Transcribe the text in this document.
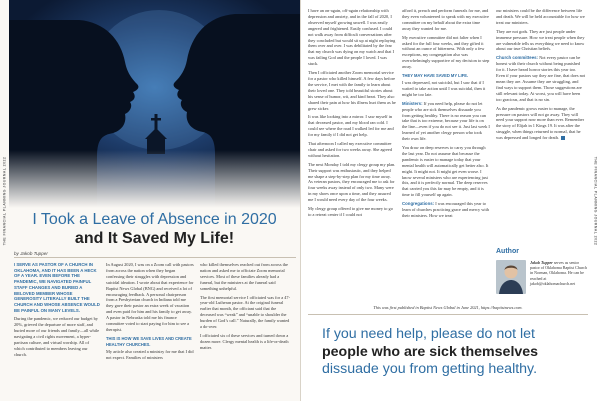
THE FINANCIAL PLANNING JOURNAL 2022	I Took a Leave of Absence in 2020
and It Saved My Life!
by Jakob Tupper

I SERVE AS PASTOR OF A CHURCH IN OKLAHOMA, AND IT HAS BEEN A HECK OF A YEAR. EVEN BEFORE THE PANDEMIC, WE NAVIGATED PAINFUL STAFF CHANGES AND BURIED A BELOVED MEMBER WHOSE GENEROSITY LITERALLY BUILT THE CHURCH AND WHOSE ABSENCE WOULD BE PAINFUL ON MANY LEVELS.

During the pandemic, we reduced our budget by 20%, grieved the departure of more staff, and buried more of our friends and family—all while navigating a civil rights movement, a hyper-partisan culture, and virtual worship. All of which contributed to members leaving our church.

In August 2020, I was on a Zoom call with pastors from across the nation when they began confessing their struggles with depression and suicidal ideation. I wrote about that experience for Baptist News Global (BNG) and received a lot of encouraging feedback. A personal chairperson from a Presbyterian church in Indiana told me they gave their pastor an extra week of vacation and even paid for him and his family to get away. A pastor in Nebraska told me his finance committee voted to start paying for him to see a therapist.

THIS IS HOW WE SAVE LIVES AND CREATE HEALTHY CHURCHES.

My article also created a ministry for me that I did not expect. Families of ministers

who killed themselves reached out from across the nation and asked me to officiate Zoom memorial services. Most of these families already had a funeral, but the ministers at the funeral said something unhelpful.

The first memorial service I officiated was for a 47-year-old Lutheran pastor. At the original funeral earlier that month, the officiant said that the deceased was “weak” and “unable to shoulder the burden of God’s call.” Naturally, the family wanted a do-over.

I officiated six of these services and turned down a dozen more. Clergy mental health is a life-or-death matter.

THE FINANCIAL PLANNING JOURNAL 2022

I have an on-again, off-again relationship with depression and anxiety, and in the fall of 2020, I observed myself growing unwell. I was easily angered and frightened. Easily confused. I could not walk away from difficult conversations after they concluded but would sit up at night replaying them over and over. I was debilitated by the fear that my church was dying on my watch and that I was failing God and the people I loved. I was stuck.

Then I officiated another Zoom memorial service for a pastor who killed himself. A few days before the service, I met with the family to learn about their loved one. They told beautiful stories about his sense of humor, wit, and kind heart. They also shared their pain at how his illness hurt them as he grew sicker.

It was like looking into a mirror. I saw myself in that deceased pastor, and my blood ran cold. I could see where the road I walked led for me and for my family if I did not get help.

That afternoon I called my executive committee chair and asked for two weeks away. She agreed without hesitation.

The next Monday I told my clergy group my plan. Their support was enthusiastic, and they helped me shape a step-by-step plan for my time away. As veteran pastors, they encouraged me to ask for four weeks away instead of only two. Many were in my shoes once upon a time, and they assured me I would need every day of the four weeks.

My clergy group offered to give me money to go to a retreat center if I could not

afford it, preach and perform funerals for me, and they even volunteered to speak with my executive committee on my behalf about the extra time away they wanted for me.

My executive committee did not falter when I asked for the full four weeks, and they gifted it without an ounce of bitterness. With only a few exceptions, my congregation also was overwhelmingly supportive of my decision to step away.

THEY MAY HAVE SAVED MY LIFE.

I was depressed, not suicidal, but I saw that if I waited to take action until I was suicidal, then it might be too late.

Ministers: If you need help, please do not let people who are sick themselves dissuade you from getting healthy. There is no reason you can take that is too extreme, because your life is on the line—even if you do not see it. Just last week I learned of yet another clergy person who took their own life.

You draw on deep reserves to carry you through the last year. Do not assume that because the pandemic is easier to manage today that your mental health will automatically get better also. It might. It might not. It might get even worse. I know several ministers who are experiencing just this, and it is perfectly normal. The deep reserves that carried you this far may be empty, and it is time to fill yourself up again.

Congregations: I was encouraged this year to learn of churches practicing grace and mercy with their ministers. How we treat

our ministers could be the difference between life and death. We will be held accountable for how we treat our ministers.

They are not gods. They are just people under immense pressure. How we treat people when they are vulnerable tells us everything we need to know about our true Christian beliefs.

Church committees: Not every pastor can be honest with their church without being punished for it. I have heard horror stories this year too. Even if your pastors say they are fine, that does not mean they are. Assume they are struggling, and find ways to support them. Those suggestions are still relevant today. At worst, you will have been too gracious, and that is no sin.

As the pandemic grows easier to manage, the pressure on pastors will not go away. They will need your support now more than ever. Remember the story of Elijah in 1 Kings 19. It was after the struggle, when things returned to normal, that he was depressed and longed for death.

Author
Jakob Tupper serves as senior pastor of Oklahoma Baptist Church in Norman, Oklahoma. He can be reached at jakob@oklahomachurch.net
This was first published in Baptist News Global in June 2021, https://baptistnews.com.
If you need help, please do not let people who are sick themselves dissuade you from getting healthy.
